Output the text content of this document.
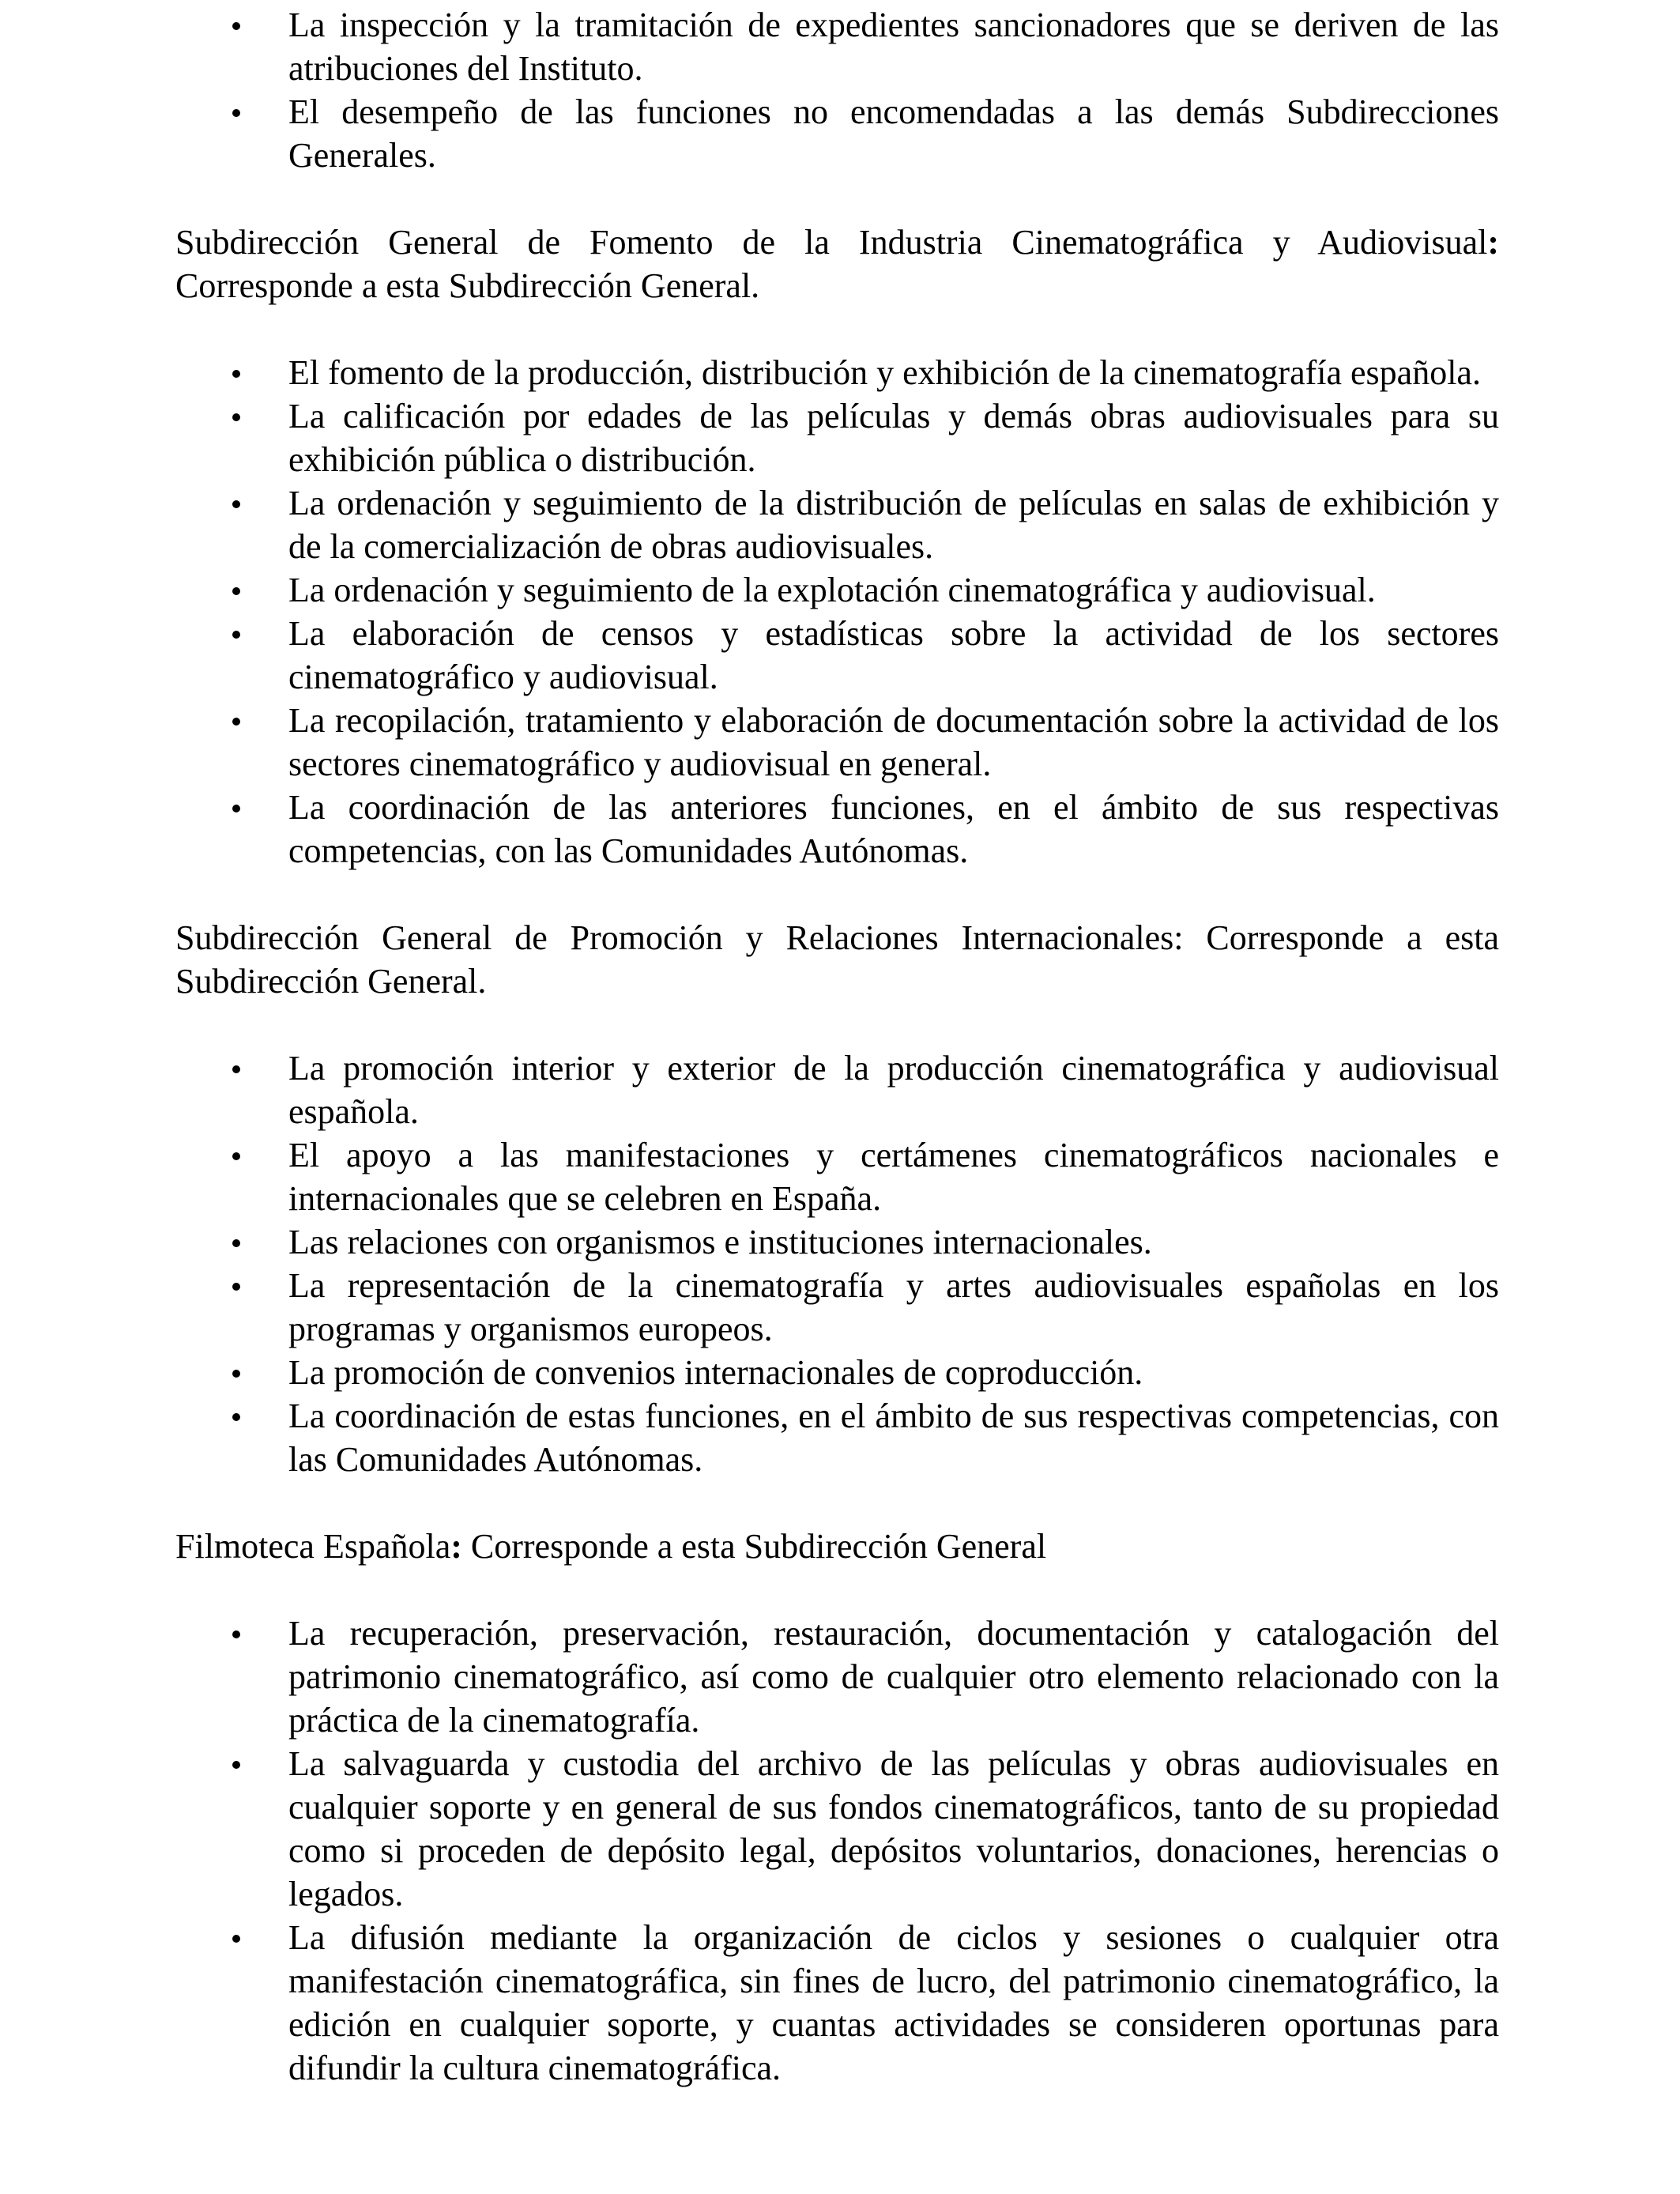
La inspección y la tramitación de expedientes sancionadores que se deriven de las atribuciones del Instituto.
El desempeño de las funciones no encomendadas a las demás Subdirecciones Generales.

Subdirección General de Fomento de la Industria Cinematográfica y Audiovisual: Corresponde a esta Subdirección General.

El fomento de la producción, distribución y exhibición de la cinematografía española.
La calificación por edades de las películas y demás obras audiovisuales para su exhibición pública o distribución.
La ordenación y seguimiento de la distribución de películas en salas de exhibición y de la comercialización de obras audiovisuales.
La ordenación y seguimiento de la explotación cinematográfica y audiovisual.
La elaboración de censos y estadísticas sobre la actividad de los sectores cinematográfico y audiovisual.
La recopilación, tratamiento y elaboración de documentación sobre la actividad de los sectores cinematográfico y audiovisual en general.
La coordinación de las anteriores funciones, en el ámbito de sus respectivas competencias, con las Comunidades Autónomas.

Subdirección General de Promoción y Relaciones Internacionales: Corresponde a esta Subdirección General.

La promoción interior y exterior de la producción cinematográfica y audiovisual española.
El apoyo a las manifestaciones y certámenes cinematográficos nacionales e internacionales que se celebren en España.
Las relaciones con organismos e instituciones internacionales.
La representación de la cinematografía y artes audiovisuales españolas en los programas y organismos europeos.
La promoción de convenios internacionales de coproducción.
La coordinación de estas funciones, en el ámbito de sus respectivas competencias, con las Comunidades Autónomas.

Filmoteca Española: Corresponde a esta Subdirección General

La recuperación, preservación, restauración, documentación y catalogación del patrimonio cinematográfico, así como de cualquier otro elemento relacionado con la práctica de la cinematografía.
La salvaguarda y custodia del archivo de las películas y obras audiovisuales en cualquier soporte y en general de sus fondos cinematográficos, tanto de su propiedad como si proceden de depósito legal, depósitos voluntarios, donaciones, herencias o legados.
La difusión mediante la organización de ciclos y sesiones o cualquier otra manifestación cinematográfica, sin fines de lucro, del patrimonio cinematográfico, la edición en cualquier soporte, y cuantas actividades se consideren oportunas para difundir la cultura cinematográfica.
